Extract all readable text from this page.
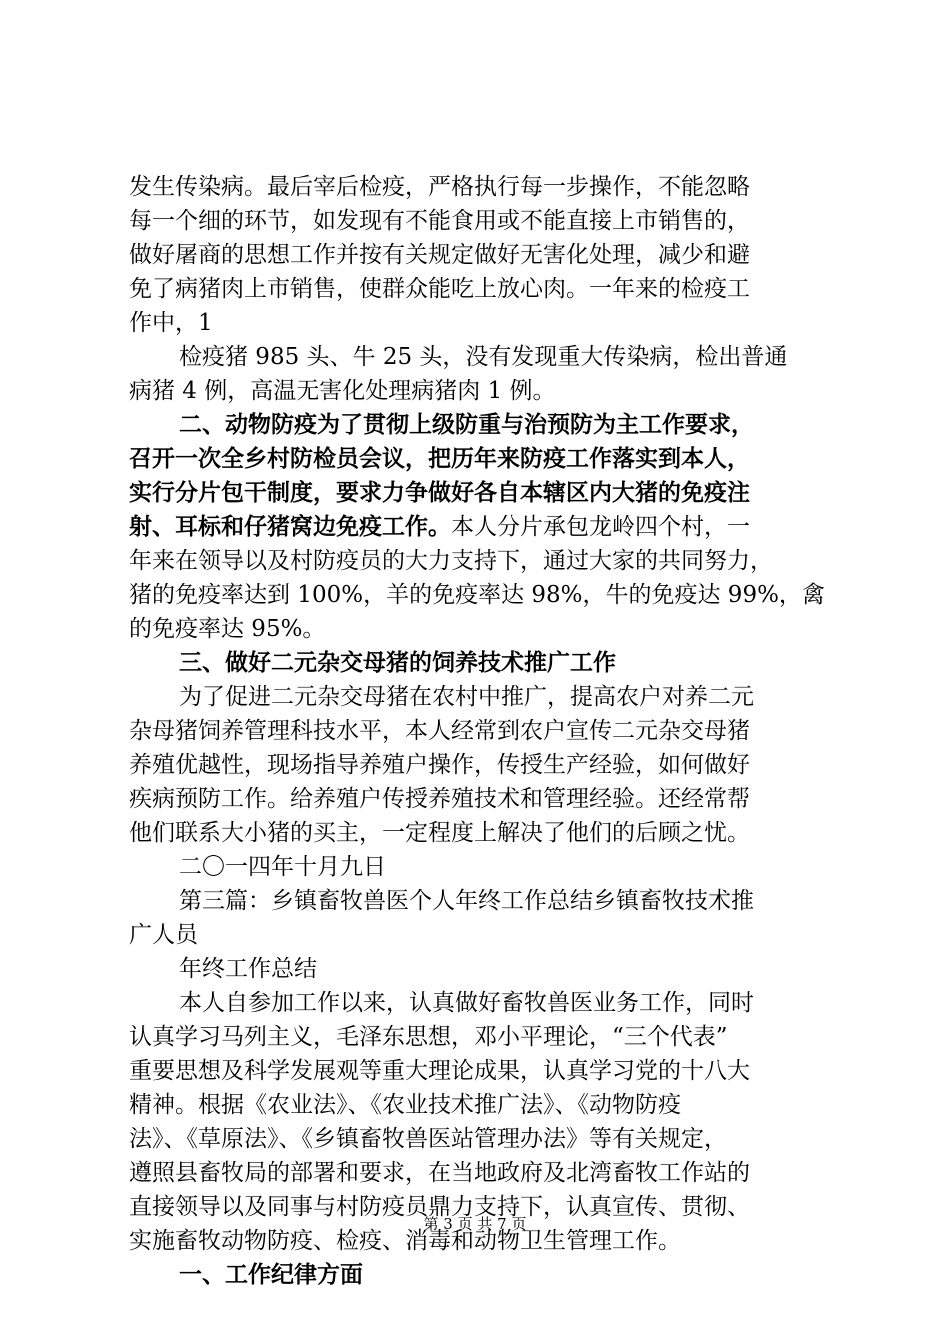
发生传染病。最后宰后检疫，严格执行每一步操作，不能忽略
每一个细的环节，如发现有不能食用或不能直接上市销售的，
做好屠商的思想工作并按有关规定做好无害化处理，减少和避
免了病猪肉上市销售，使群众能吃上放心肉。一年来的检疫工
作中，1
检疫猪 985 头、牛 25 头，没有发现重大传染病，检出普通
病猪 4 例，高温无害化处理病猪肉 1 例。
二、动物防疫为了贯彻上级防重与治预防为主工作要求，
召开一次全乡村防检员会议，把历年来防疫工作落实到本人，
实行分片包干制度，要求力争做好各自本辖区内大猪的免疫注
射、耳标和仔猪窝边免疫工作。本人分片承包龙岭四个村，一
年来在领导以及村防疫员的大力支持下，通过大家的共同努力，
猪的免疫率达到 100%，羊的免疫率达 98%，牛的免疫达 99%，禽
的免疫率达 95%。
三、做好二元杂交母猪的饲养技术推广工作
为了促进二元杂交母猪在农村中推广，提高农户对养二元
杂母猪饲养管理科技水平，本人经常到农户宣传二元杂交母猪
养殖优越性，现场指导养殖户操作，传授生产经验，如何做好
疾病预防工作。给养殖户传授养殖技术和管理经验。还经常帮
他们联系大小猪的买主，一定程度上解决了他们的后顾之忧。
二〇一四年十月九日
第三篇：乡镇畜牧兽医个人年终工作总结乡镇畜牧技术推
广人员
年终工作总结
本人自参加工作以来，认真做好畜牧兽医业务工作，同时
认真学习马列主义，毛泽东思想，邓小平理论，“三个代表”
重要思想及科学发展观等重大理论成果，认真学习党的十八大
精神。根据《农业法》、《农业技术推广法》、《动物防疫
法》、《草原法》、《乡镇畜牧兽医站管理办法》等有关规定，
遵照县畜牧局的部署和要求，在当地政府及北湾畜牧工作站的
直接领导以及同事与村防疫员鼎力支持下，认真宣传、贯彻、
实施畜牧动物防疫、检疫、消毒和动物卫生管理工作。
一、工作纪律方面
第 3 页 共 7 页
